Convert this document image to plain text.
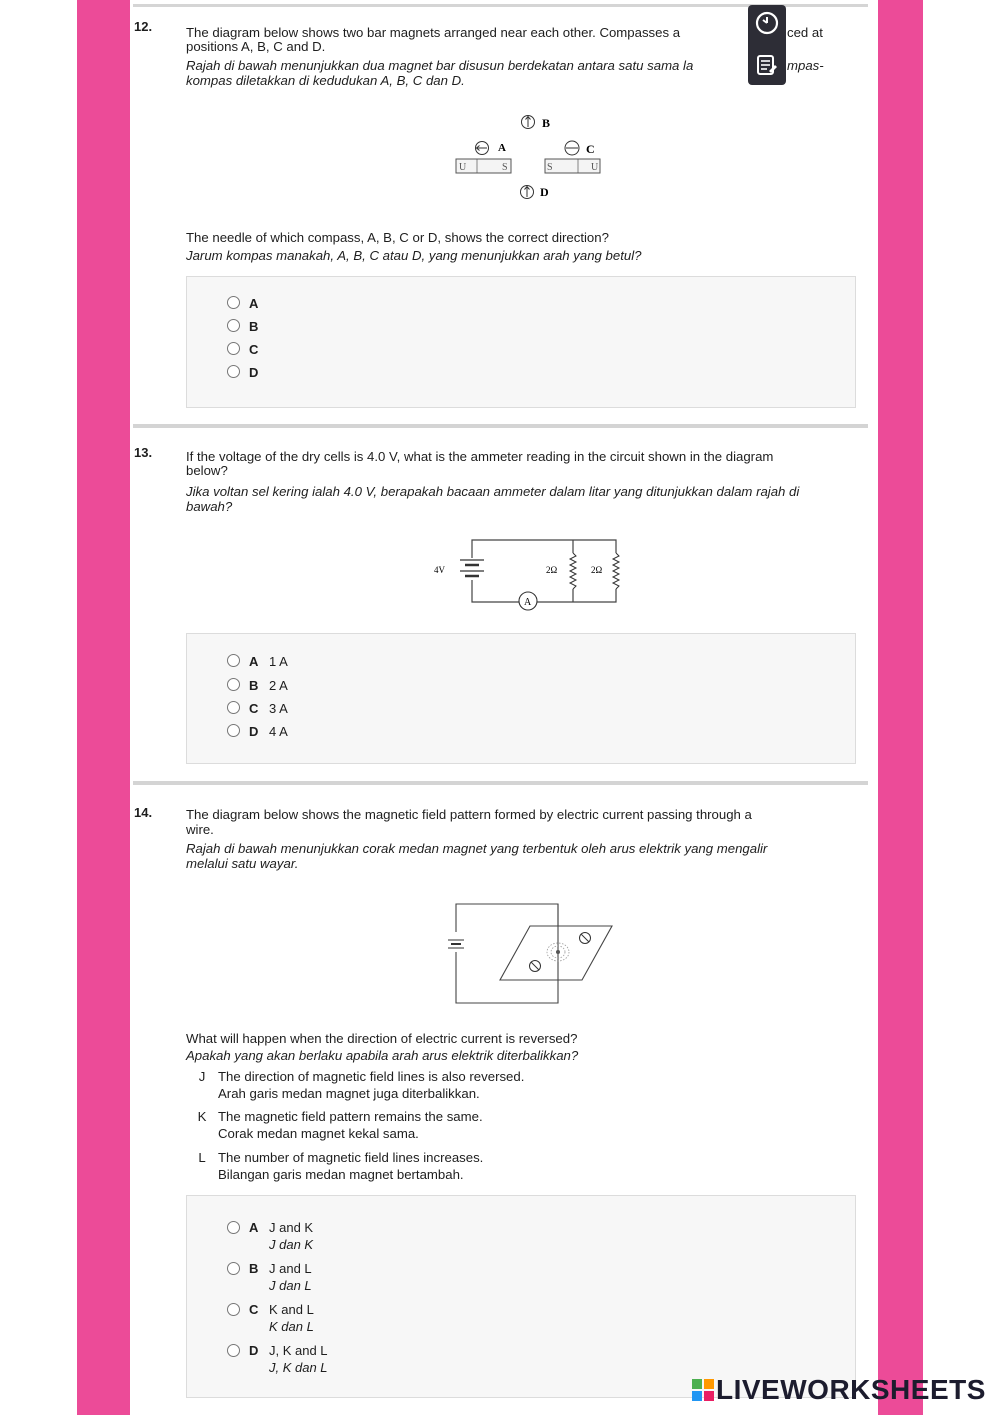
12.	The diagram below shows two bar magnets arranged near each other. Compasses a	ced at
positions A, B, C and D.
Rajah di bawah menunjukkan dua magnet bar disusun berdekatan antara satu sama la	mpas-
kompas diletakkan di kedudukan A, B, C dan D.
B
A	C
U	S	S	U
D
The needle of which compass, A, B, C or D, shows the correct direction?
Jarum kompas manakah, A, B, C atau D, yang menunjukkan arah yang betul?
A
B
C
D
13.	If the voltage of the dry cells is 4.0 V, what is the ammeter reading in the circuit shown in the diagram
below?
Jika voltan sel kering ialah 4.0 V, berapakah bacaan ammeter dalam litar yang ditunjukkan dalam rajah di
bawah?
4V	2Ω	2Ω
A
A 1 A
B 2 A
C 3 A
D 4 A
14.	The diagram below shows the magnetic field pattern formed by electric current passing through a
wire.
Rajah di bawah menunjukkan corak medan magnet yang terbentuk oleh arus elektrik yang mengalir
melalui satu wayar.
What will happen when the direction of electric current is reversed?
Apakah yang akan berlaku apabila arah arus elektrik diterbalikkan?
J The direction of magnetic field lines is also reversed.
Arah garis medan magnet juga diterbalikkan.
K The magnetic field pattern remains the same.
Corak medan magnet kekal sama.
L The number of magnetic field lines increases.
Bilangan garis medan magnet bertambah.
A J and K
J dan K
B J and L
J dan L
C K and L
K dan L
D J, K and L
J, K dan L
LIVEWORKSHEETS
